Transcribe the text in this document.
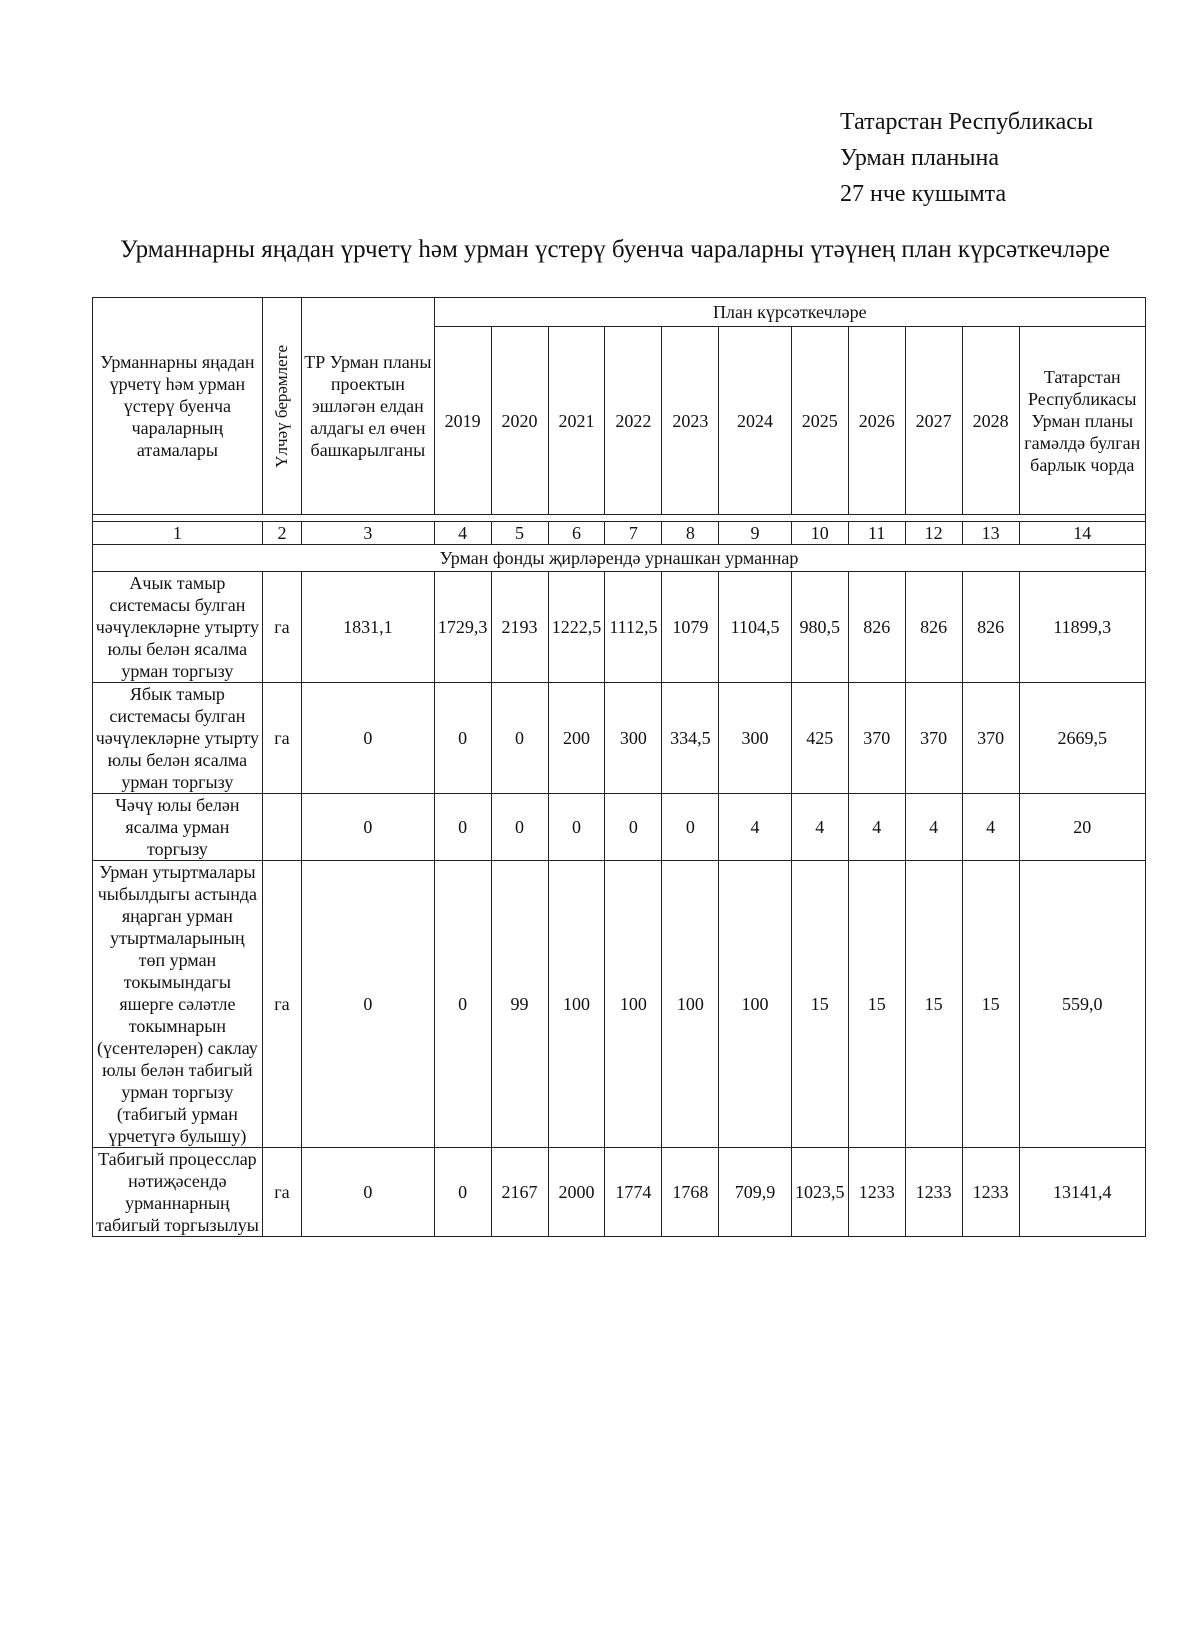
Татарстан Республикасы
Урман планына
27 нче кушымта
Урманнарны яңадан үрчетү һәм урман үстерү буенча чараларны үтәүнең план күрсәткечләре
Урманнарны яңадан үрчетү һәм урман үстерү буенча чараларның атамалары	Үлчәү берәмлеге	ТР Урман планы проектын эшләгән елдан алдагы ел өчен башкарылганы	План күрсәткечләре										
			2019	2020	2021	2022	2023	2024	2025	2026	2027	2028	Татарстан Республикасы Урман планы гамәлдә булган барлык чорда

1	2	3	4	5	6	7	8	9	10	11	12	13	14
Урман фонды җирләрендә урнашкан урманнар													
Ачык тамыр системасы булган чәчүлекләрне утырту юлы белән ясалма урман торгызу	га	1831,1	1729,3	2193	1222,5	1112,5	1079	1104,5	980,5	826	826	826	11899,3
Ябык тамыр системасы булган чәчүлекләрне утырту юлы белән ясалма урман торгызу	га	0	0	0	200	300	334,5	300	425	370	370	370	2669,5
Чәчү юлы белән ясалма урман торгызу		0	0	0	0	0	0	4	4	4	4	4	20
Урман утыртмалары чыбылдыгы астында яңарган урман утыртмаларының төп урман токымындагы яшерге сәләтле токымнарын (үсентеләрен) саклау юлы белән табигый урман торгызу (табигый урман үрчетүгә булышу)	га	0	0	99	100	100	100	100	15	15	15	15	559,0
Табигый процесслар нәтиҗәсендә урманнарның табигый торгызылуы	га	0	0	2167	2000	1774	1768	709,9	1023,5	1233	1233	1233	13141,4
